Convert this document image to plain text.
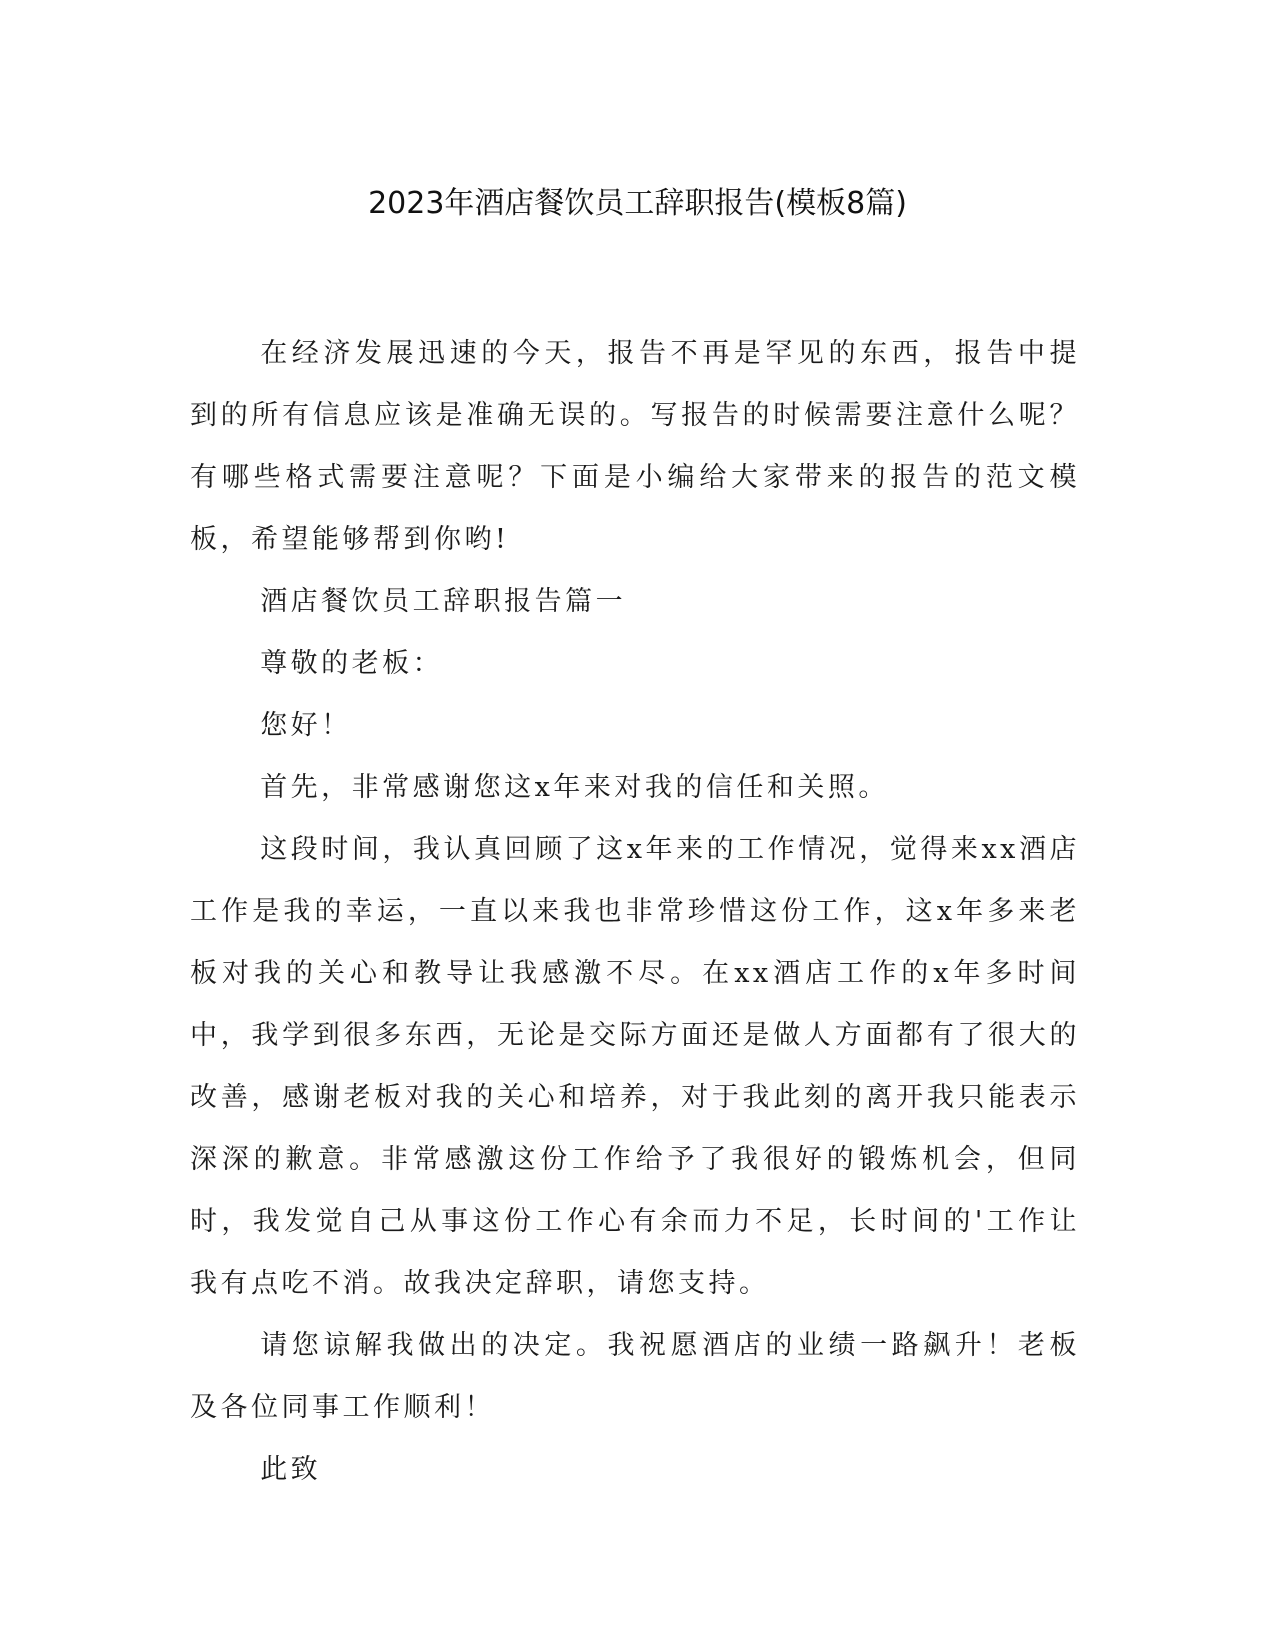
2023年酒店餐饮员工辞职报告(模板8篇)

在经济发展迅速的今天，报告不再是罕见的东西，报告中提到的所有信息应该是准确无误的。写报告的时候需要注意什么呢？有哪些格式需要注意呢？下面是小编给大家带来的报告的范文模板，希望能够帮到你哟!

酒店餐饮员工辞职报告篇一

尊敬的老板：

您好！

首先，非常感谢您这x年来对我的信任和关照。

这段时间，我认真回顾了这x年来的工作情况，觉得来xx酒店工作是我的幸运，一直以来我也非常珍惜这份工作，这x年多来老板对我的关心和教导让我感激不尽。在xx酒店工作的x年多时间中，我学到很多东西，无论是交际方面还是做人方面都有了很大的改善，感谢老板对我的关心和培养，对于我此刻的离开我只能表示深深的歉意。非常感激这份工作给予了我很好的锻炼机会，但同时，我发觉自己从事这份工作心有余而力不足，长时间的'工作让我有点吃不消。故我决定辞职，请您支持。

请您谅解我做出的决定。我祝愿酒店的业绩一路飙升！老板及各位同事工作顺利！

此致
